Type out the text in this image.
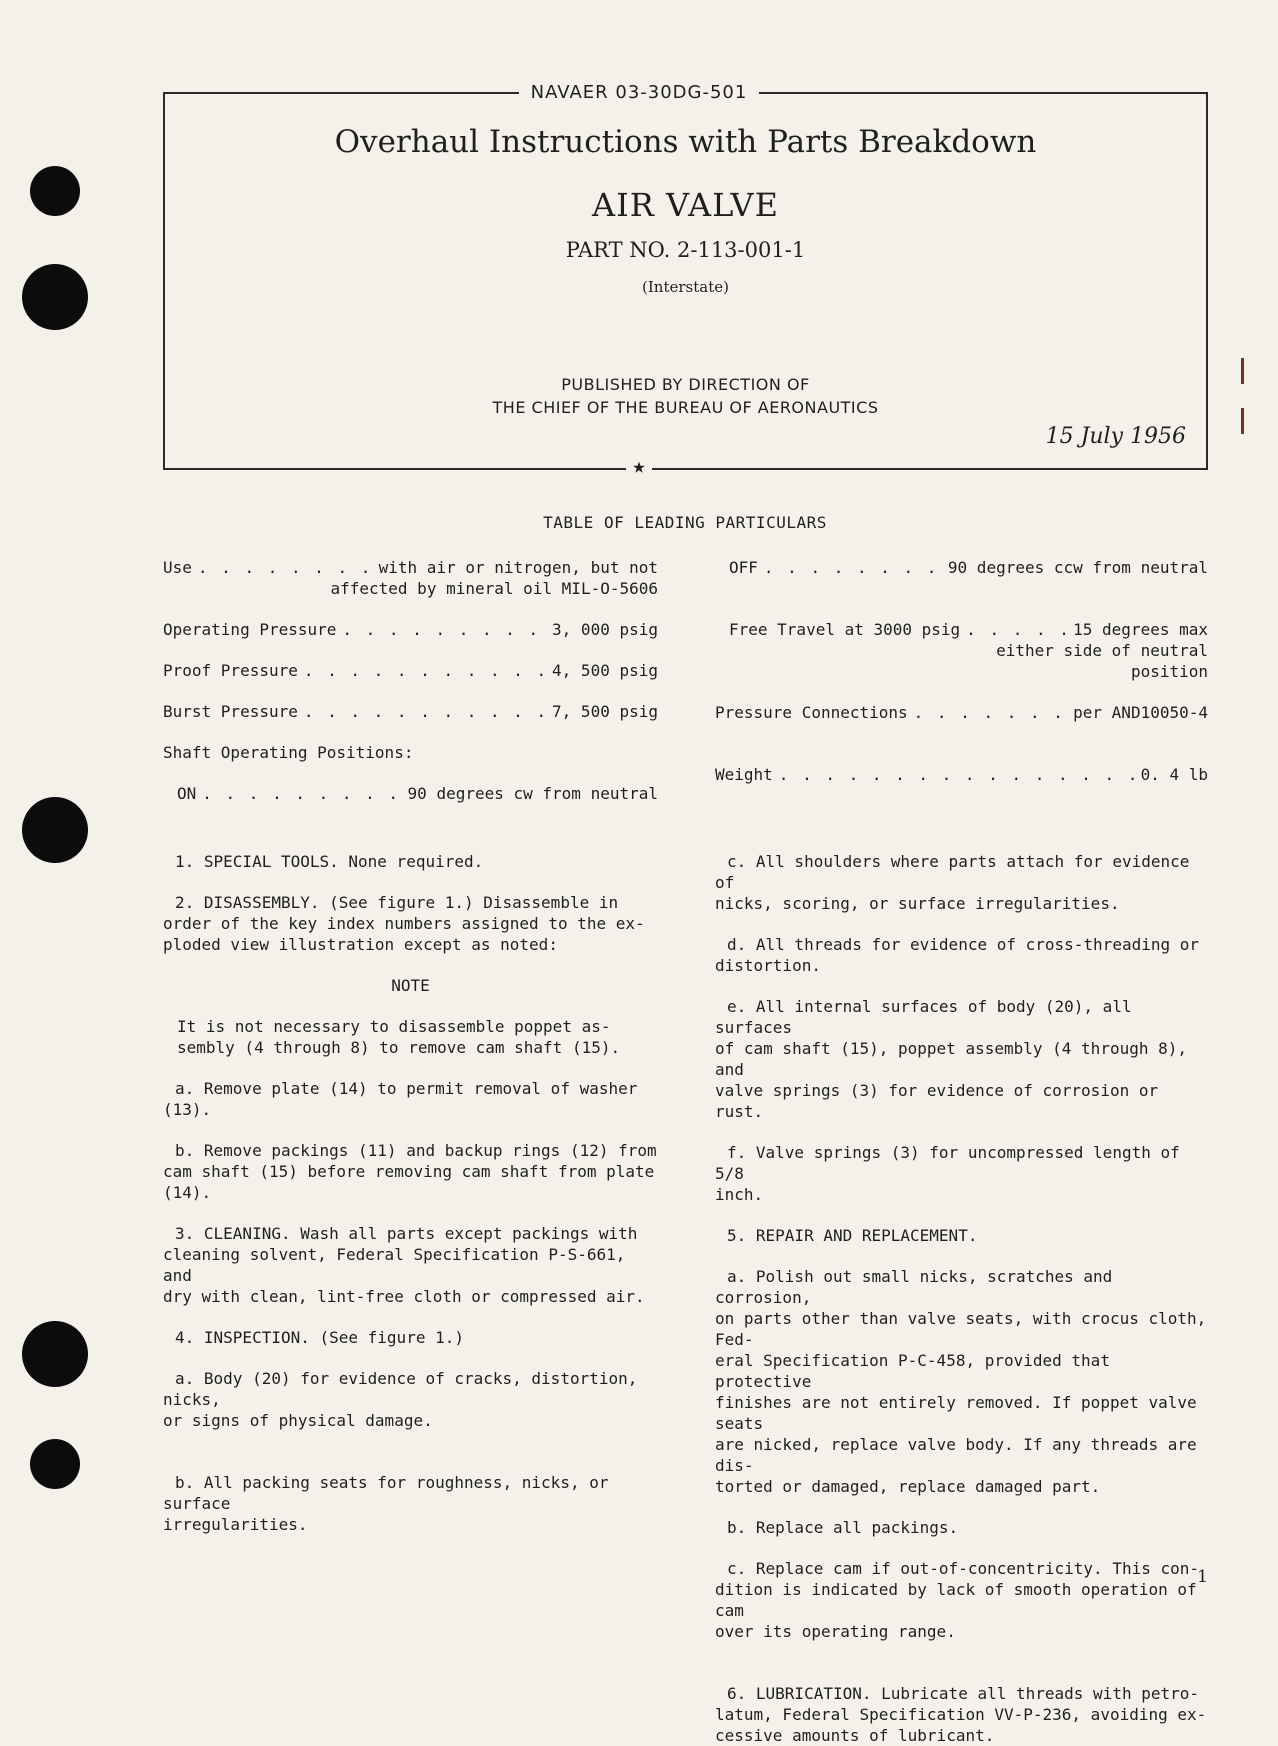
NAVAER 03-30DG-501
Overhaul Instructions with Parts Breakdown
AIR VALVE
PART NO. 2-113-001-1
(Interstate)
PUBLISHED BY DIRECTION OF
THE CHIEF OF THE BUREAU OF AERONAUTICS
15 July 1956
★
TABLE OF LEADING PARTICULARS
Use . . .	with air or nitrogen, but not
affected by mineral oil MIL-O-5606
Operating Pressure . . .	3, 000 psig
Proof Pressure . . .	4, 500 psig
Burst Pressure . . .	7, 500 psig
Shaft Operating Positions:
ON . . .	90 degrees cw from neutral
OFF . . .	90 degrees ccw from neutral
Free Travel at 3000 psig . . .	15 degrees max
either side of neutral
position
Pressure Connections . . .	per AND10050-4
Weight . . .	0. 4 lb

1. SPECIAL TOOLS. None required.

2. DISASSEMBLY. (See figure 1.) Disassemble in
order of the key index numbers assigned to the ex-
ploded view illustration except as noted:

NOTE

It is not necessary to disassemble poppet as-
sembly (4 through 8) to remove cam shaft (15).

a. Remove plate (14) to permit removal of washer
(13).

b. Remove packings (11) and backup rings (12) from
cam shaft (15) before removing cam shaft from plate
(14).

3. CLEANING. Wash all parts except packings with
cleaning solvent, Federal Specification P-S-661, and
dry with clean, lint-free cloth or compressed air.

4. INSPECTION. (See figure 1.)

a. Body (20) for evidence of cracks, distortion, nicks,
or signs of physical damage.

b. All packing seats for roughness, nicks, or surface
irregularities.

c. All shoulders where parts attach for evidence of
nicks, scoring, or surface irregularities.

d. All threads for evidence of cross-threading or
distortion.

e. All internal surfaces of body (20), all surfaces
of cam shaft (15), poppet assembly (4 through 8), and
valve springs (3) for evidence of corrosion or rust.

f. Valve springs (3) for uncompressed length of 5/8
inch.

5. REPAIR AND REPLACEMENT.

a. Polish out small nicks, scratches and corrosion,
on parts other than valve seats, with crocus cloth, Fed-
eral Specification P-C-458, provided that protective
finishes are not entirely removed. If poppet valve seats
are nicked, replace valve body. If any threads are dis-
torted or damaged, replace damaged part.

b. Replace all packings.

c. Replace cam if out-of-concentricity. This con-
dition is indicated by lack of smooth operation of cam
over its operating range.

6. LUBRICATION. Lubricate all threads with petro-
latum, Federal Specification VV-P-236, avoiding ex-
cessive amounts of lubricant.

1
